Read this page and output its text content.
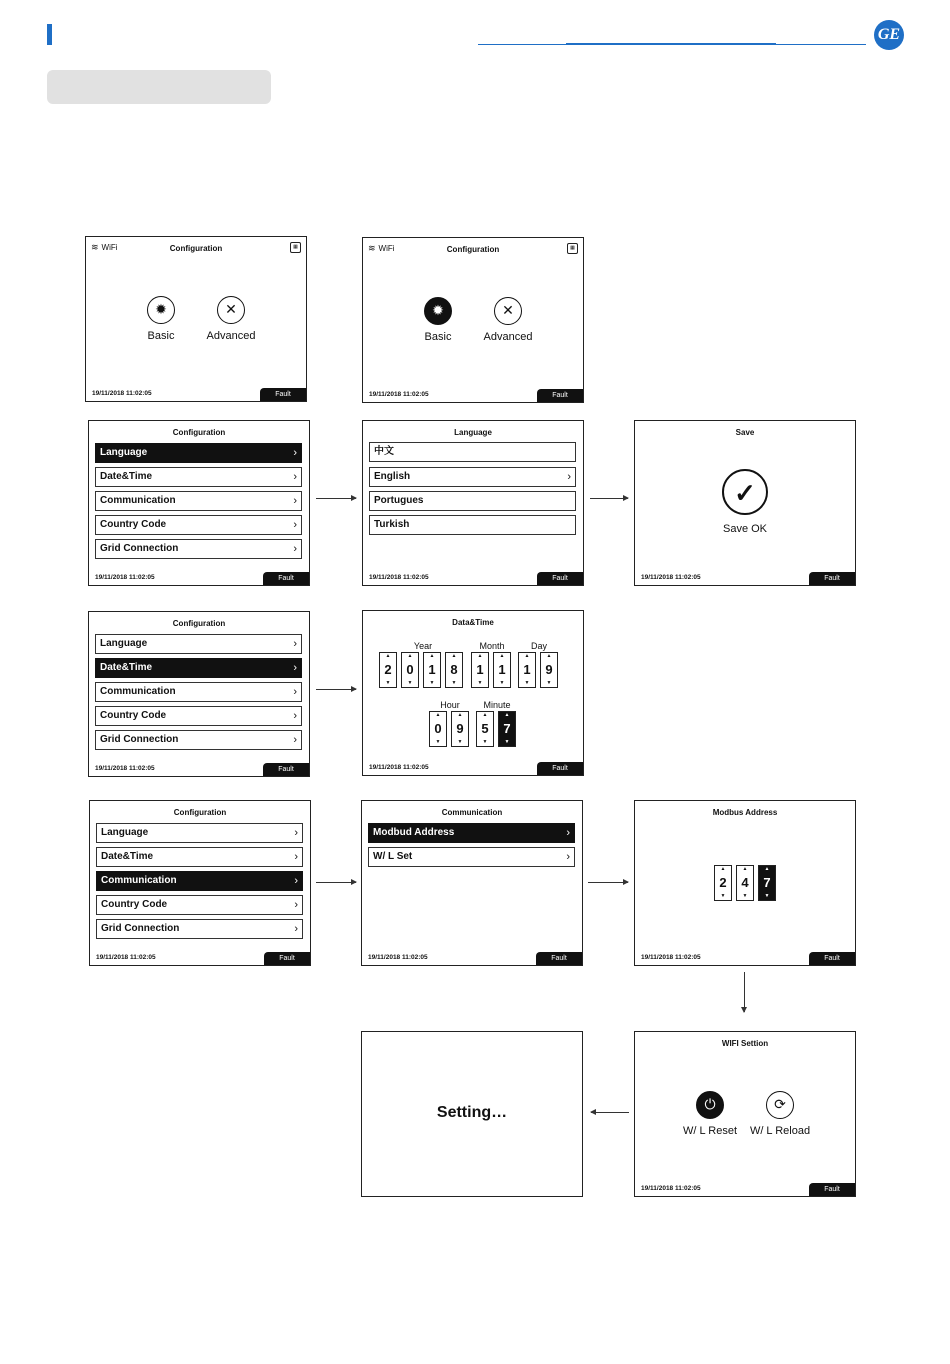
GE
≋ WiFi	Configuration	▦
✹
Basic
✕
Advanced
19/11/2018 11:02:05	Fault
≋ WiFi	Configuration	▦
✹
Basic
✕
Advanced
19/11/2018 11:02:05	Fault
Configuration
Language	›
Date&Time	›
Communication	›
Country Code	›
Grid Connection	›
19/11/2018 11:02:05	Fault
Language
中文
English	›
Portugues
Turkish
19/11/2018 11:02:05	Fault
Save
✓
Save OK
19/11/2018 11:02:05	Fault
Configuration
Language	›
Date&Time	›
Communication	›
Country Code	›
Grid Connection	›
19/11/2018 11:02:05	Fault
Data&Time
Year	Month	Day
▲
2
▼
▲
0
▼
▲
1
▼
▲
8
▼
▲
1
▼
▲
1
▼
▲
1
▼
▲
9
▼
Hour	Minute
▲
0
▼
▲
9
▼
▲
5
▼
▲
7
▼
19/11/2018 11:02:05	Fault
Configuration
Language	›
Date&Time	›
Communication	›
Country Code	›
Grid Connection	›
19/11/2018 11:02:05	Fault
Communication
Modbud Address	›
W/ L Set	›
19/11/2018 11:02:05	Fault
Modbus Address
▲
2
▼
▲
4
▼
▲
7
▼
19/11/2018 11:02:05	Fault
Setting…
WIFI Settion
⏻
W/ L Reset
⟳
W/ L Reload
19/11/2018 11:02:05	Fault
